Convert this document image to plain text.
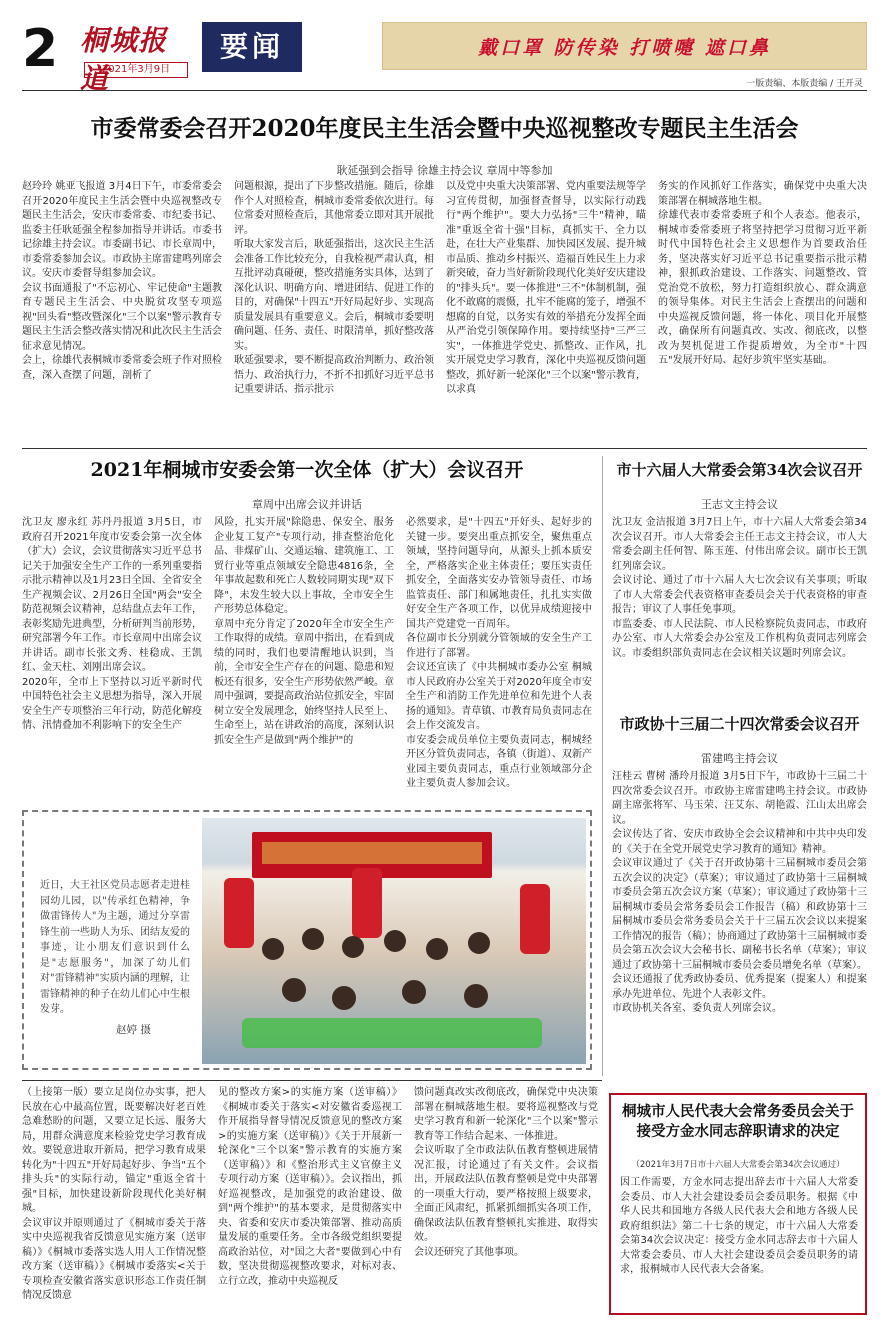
2 桐城报道
2021年3月9日
要闻	戴口罩 防传染 打喷嚏 遮口鼻
一版责编、本版责编 / 王开灵
市委常委会召开2020年度民主生活会暨中央巡视整改专题民主生活会
耿延强到会指导 徐雄主持会议 章周中等参加
赵玲玲 姚亚飞报道 3月4日下午，市委常委会召开2020年度民主生活会暨中央巡视整改专题民主生活会，安庆市委常委、市纪委书记、监委主任耿延强全程参加指导并讲话。市委书记徐雄主持会议。市委副书记、市长章周中，市委常委参加会议。市政协主席雷建鸣列席会议。安庆市委督导组参加会议。
会议书面通报了"不忘初心、牢记使命"主题教育专题民主生活会、中央脱贫攻坚专项巡视"回头看"整改暨深化"三个以案"警示教育专题民主生活会整改落实情况和此次民主生活会征求意见情况。
会上，徐雄代表桐城市委常委会班子作对照检查，深入查摆了问题，剖析了
问题根源，提出了下步整改措施。随后，徐雄作个人对照检查，桐城市委常委依次进行。每位常委对照检查后，其他常委立即对其开展批评。
听取大家发言后，耿延强指出，这次民主生活会准备工作比较充分，自我检视严肃认真，相互批评动真碰硬，整改措施务实具体，达到了深化认识、明确方向、增进团结、促进工作的目的，对确保"十四五"开好局起好步、实现高质量发展具有重要意义。会后，桐城市委要明确问题、任务、责任、时限清单，抓好整改落实。
耿延强要求，要不断提高政治判断力、政治领悟力、政治执行力，不折不扣抓好习近平总书记重要讲话、指示批示
以及党中央重大决策部署、党内重要法规等学习宣传贯彻，加强督查督导，以实际行动践行"两个维护"。要大力弘扬"三牛"精神，瞄准"重返全省十强"目标，真抓实干、全力以赴，在壮大产业集群、加快园区发展、提升城市品质、推动乡村振兴、造福百姓民生上力求新突破，奋力当好新阶段现代化美好安庆建设的"排头兵"。要一体推进"三不"体制机制，强化不敢腐的震慑，扎牢不能腐的笼子，增强不想腐的自觉，以务实有效的举措充分发挥全面从严治党引领保障作用。要持续坚持"三严三实"，一体推进学党史、抓整改、正作风，扎实开展党史学习教育，深化中央巡视反馈问题整改，抓好新一轮深化"三个以案"警示教育，以求真
务实的作风抓好工作落实，确保党中央重大决策部署在桐城落地生根。
徐雄代表市委常委班子和个人表态。他表示，桐城市委常委班子将坚持把学习贯彻习近平新时代中国特色社会主义思想作为首要政治任务，坚决落实好习近平总书记重要指示批示精神，狠抓政治建设、工作落实、问题整改、管党治党不放松，努力打造组织放心、群众满意的领导集体。对民主生活会上查摆出的问题和中央巡视反馈问题，将一体化、项目化开展整改，确保所有问题真改、实改、彻底改，以整改为契机促进工作提质增效，为全市"十四五"发展开好局、起好步筑牢坚实基础。
2021年桐城市安委会第一次全体（扩大）会议召开
章周中出席会议并讲话
沈卫友 廖永红 苏丹丹报道 3月5日，市政府召开2021年度市安委会第一次全体（扩大）会议，会议贯彻落实习近平总书记关于加强安全生产工作的一系列重要指示批示精神以及1月23日全国、全省安全生产视频会议、2月26日全国"两会"安全防范视频会议精神，总结盘点去年工作，表彰奖励先进典型，分析研判当前形势，研究部署今年工作。市长章周中出席会议并讲话。副市长张文秀、桂稳成、王凯红、金天柱、刘刚出席会议。
2020年，全市上下坚持以习近平新时代中国特色社会主义思想为指导，深入开展安全生产专项整治三年行动，防范化解疫情、汛情叠加不利影响下的安全生产
风险，扎实开展"除隐患、保安全、服务企业复工复产"专项行动，排查整治危化品、非煤矿山、交通运输、建筑施工、工贸行业等重点领域安全隐患4816条，全年事故起数和死亡人数较同期实现"双下降"，未发生较大以上事故，全市安全生产形势总体稳定。
章周中充分肯定了2020年全市安全生产工作取得的成绩。章周中指出，在看到成绩的同时，我们也要清醒地认识到，当前，全市安全生产存在的问题、隐患和短板还有很多，安全生产形势依然严峻。章周中强调，要提高政治站位抓安全，牢固树立安全发展理念，始终坚持人民至上、生命至上，站在讲政治的高度，深刻认识抓安全生产是做到"两个维护"的
必然要求，是"十四五"开好头、起好步的关键一步。要突出重点抓安全，聚焦重点领域，坚持问题导向，从源头上抓本质安全，严格落实企业主体责任；要压实责任抓安全，全面落实安办管领导责任、市场监管责任、部门和属地责任，扎扎实实做好安全生产各项工作，以优异成绩迎接中国共产党建党一百周年。
各位副市长分别就分管领域的安全生产工作进行了部署。
会议还宣读了《中共桐城市委办公室 桐城市人民政府办公室关于对2020年度全市安全生产和消防工作先进单位和先进个人表扬的通知》。青草镇、市教育局负责同志在会上作交流发言。
市安委会成员单位主要负责同志，桐城经开区分管负责同志，各镇（街道）、双新产业园主要负责同志，重点行业领域部分企业主要负责人参加会议。
市十六届人大常委会第34次会议召开
王志文主持会议
沈卫友 金洁报道 3月7日上午，市十六届人大常委会第34次会议召开。市人大常委会主任王志文主持会议，市人大常委会副主任何智、陈玉莲、付伟出席会议。副市长王凯红列席会议。
会议讨论、通过了市十六届人大七次会议有关事项；听取了市人大常委会代表资格审查委员会关于代表资格的审查报告；审议了人事任免事项。
市监委委、市人民法院、市人民检察院负责同志，市政府办公室、市人大常委会办公室及工作机构负责同志列席会议。市委组织部负责同志在会议相关议题时列席会议。
市政协十三届二十四次常委会议召开
雷建鸣主持会议
汪桂云 曹树 潘玲月报道 3月5日下午，市政协十三届二十四次常委会议召开。市政协主席雷建鸣主持会议。市政协副主席张将军、马玉荣、汪艾东、胡艳霞、江山太出席会议。
会议传达了省、安庆市政协全会会议精神和中共中央印发的《关于在全党开展党史学习教育的通知》精神。
会议审议通过了《关于召开政协第十三届桐城市委员会第五次会议的决定》（草案）；审议通过了政协第十三届桐城市委员会第五次会议方案（草案）；审议通过了政协第十三届桐城市委员会常务委员会工作报告（稿）和政协第十三届桐城市委员会常务委员会关于十三届五次会议以来提案工作情况的报告（稿）；协商通过了政协第十三届桐城市委员会第五次会议大会秘书长、副秘书长名单（草案）；审议通过了政协第十三届桐城市委员会委员增免名单（草案）。
会议还通报了优秀政协委员、优秀提案（提案人）和提案承办先进单位、先进个人表彰文件。
市政协机关各室、委负责人列席会议。
近日，大王社区党员志愿者走进桂园幼儿园，以"传承红色精神，争做雷锋传人"为主题，通过分享雷锋生前一些助人为乐、团结友爱的事迹，让小朋友们意识到什么是"志愿服务"，加深了幼儿们对"雷锋精神"实质内涵的理解，让雷锋精神的种子在幼儿们心中生根发芽。
赵婷 摄
（上接第一版）要立足岗位办实事，把人民放在心中最高位置，既要解决好老百姓急难愁盼的问题，又要立足长远、服务大局，用群众满意度来检验党史学习教育成效。要锐意进取开新局，把学习教育成果转化为"十四五"开好局起好步、争当"五个排头兵"的实际行动，锚定"重返全省十强"目标，加快建设新阶段现代化美好桐城。
会议审议并原则通过了《桐城市委关于落实中央巡视我省反馈意见实施方案（送审稿）》《桐城市委落实选人用人工作情况整改方案（送审稿）》《桐城市委落实<关于专项检查安徽省落实意识形态工作责任制情况反馈意
见的整改方案>的实施方案（送审稿）》《桐城市委关于落实<对安徽省委巡视工作开展指导督导情况反馈意见的整改方案>的实施方案（送审稿）》《关于开展新一轮深化"三个以案"警示教育的实施方案（送审稿）》和《整治形式主义官僚主义专项行动方案（送审稿）》。会议指出，抓好巡视整改，是加强党的政治建设、做到"两个维护"的基本要求，是贯彻落实中央、省委和安庆市委决策部署、推动高质量发展的重要任务。全市各级党组织要提高政治站位，对"国之大者"要做到心中有数，坚决贯彻巡视整改要求，对标对表、立行立改，推动中央巡视反
馈问题真改实改彻底改，确保党中央决策部署在桐城落地生根。要将巡视整改与党史学习教育和新一轮深化"三个以案"警示教育等工作结合起来、一体推进。
会议听取了全市政法队伍教育整顿进展情况汇报，讨论通过了有关文件。会议指出，开展政法队伍教育整顿是党中央部署的一项重大行动，要严格按照上级要求，全面正风肃纪，抓紧抓细抓实各项工作，确保政法队伍教育整顿扎实推进、取得实效。
会议还研究了其他事项。
桐城市人民代表大会常务委员会关于接受方金水同志辞职请求的决定
（2021年3月7日市十六届人大常委会第34次会议通过）
因工作需要，方金水同志提出辞去市十六届人大常委会委员、市人大社会建设委员会委员职务。根据《中华人民共和国地方各级人民代表大会和地方各级人民政府组织法》第二十七条的规定，市十六届人大常委会第34次会议决定：接受方金水同志辞去市十六届人大常委会委员、市人大社会建设委员会委员职务的请求，报桐城市人民代表大会备案。
